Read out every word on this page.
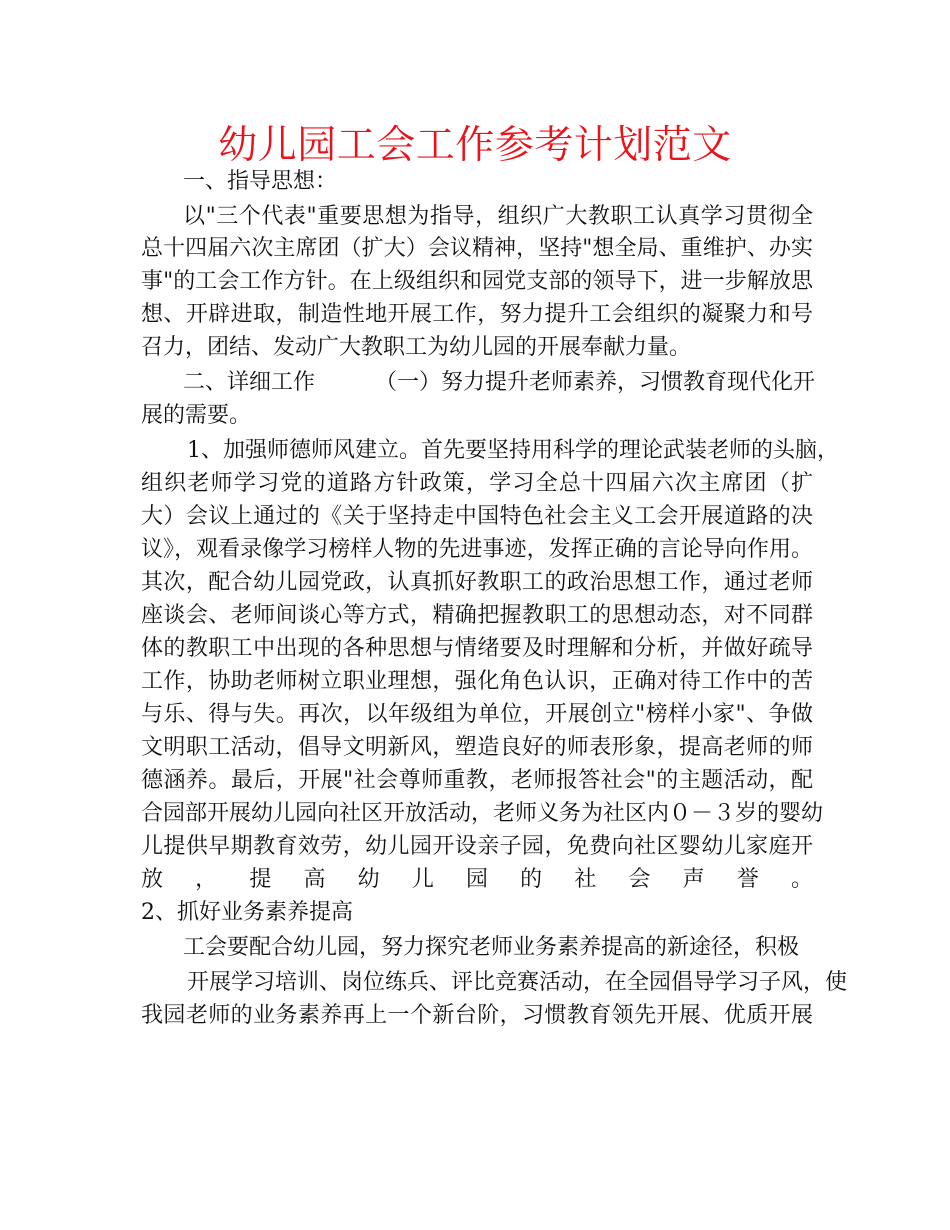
幼儿园工会工作参考计划范文
一、指导思想：
以"三个代表"重要思想为指导，组织广大教职工认真学习贯彻全
总十四届六次主席团（扩大）会议精神，坚持"想全局、重维护、办实
事"的工会工作方针。在上级组织和园党支部的领导下，进一步解放思
想、开辟进取，制造性地开展工作，努力提升工会组织的凝聚力和号
召力，团结、发动广大教职工为幼儿园的开展奉献力量。
二、详细工作	（一）努力提升老师素养，习惯教育现代化开
展的需要。
1、加强师德师风建立。首先要坚持用科学的理论武装老师的头脑，
组织老师学习党的道路方针政策，学习全总十四届六次主席团（扩
大）会议上通过的《关于坚持走中国特色社会主义工会开展道路的决
议》，观看录像学习榜样人物的先进事迹，发挥正确的言论导向作用。
其次，配合幼儿园党政，认真抓好教职工的政治思想工作，通过老师
座谈会、老师间谈心等方式，精确把握教职工的思想动态，对不同群
体的教职工中出现的各种思想与情绪要及时理解和分析，并做好疏导
工作，协助老师树立职业理想，强化角色认识，正确对待工作中的苦
与乐、得与失。再次，以年级组为单位，开展创立"榜样小家"、争做
文明职工活动，倡导文明新风，塑造良好的师表形象，提高老师的师
德涵养。最后，开展"社会尊师重教，老师报答社会"的主题活动，配
合园部开展幼儿园向社区开放活动，老师义务为社区内０－３岁的婴幼
儿提供早期教育效劳，幼儿园开设亲子园，免费向社区婴幼儿家庭开
放，提高幼儿园的社会声誉。
2、抓好业务素养提高
工会要配合幼儿园，努力探究老师业务素养提高的新途径，积极
开展学习培训、岗位练兵、评比竞赛活动，在全园倡导学习子风，使
我园老师的业务素养再上一个新台阶，习惯教育领先开展、优质开展
